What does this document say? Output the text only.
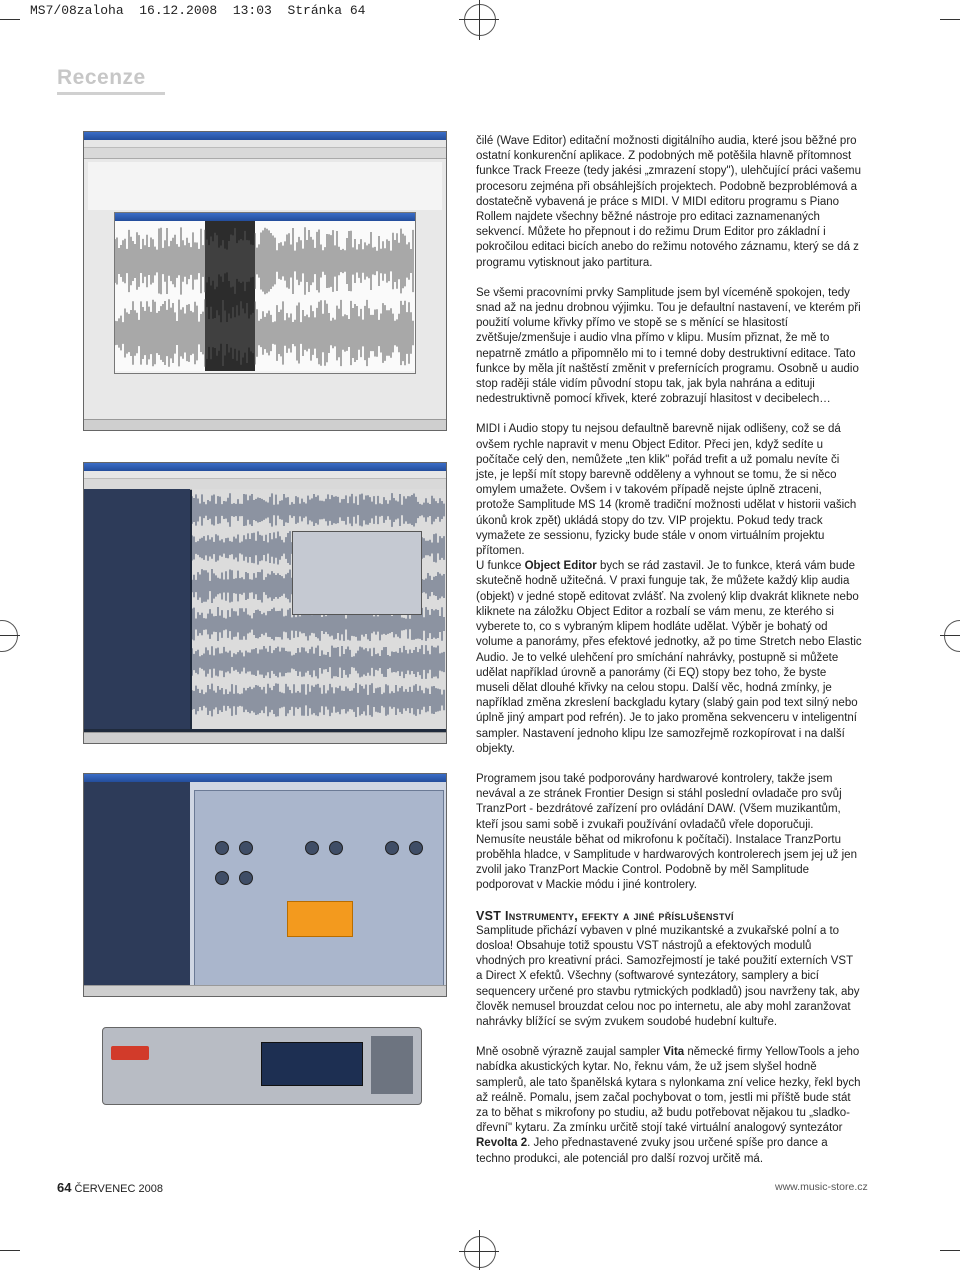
MS7/08zaloha  16.12.2008  13:03  Stránka 64
Recenze

čilé (Wave Editor) editační možnosti digitálního audia, které jsou běžné pro ostatní konkurenční aplikace. Z podobných mě potěšila hlavně přítomnost funkce Track Freeze (tedy jakési „zmrazení stopy"), ulehčující práci vašemu procesoru zejména při obsáhlejších projektech. Podobně bezproblémová a dostatečně vybavená je práce s MIDI. V MIDI editoru programu s Piano Rollem najdete všechny běžné nástroje pro editaci zaznamenaných sekvencí. Můžete ho přepnout i do režimu Drum Editor pro základní i pokročilou editaci bicích anebo do režimu notového záznamu, který se dá z programu vytisknout jako partitura.

Se všemi pracovními prvky Samplitude jsem byl víceméně spokojen, tedy snad až na jednu drobnou výjimku. Tou je defaultní nastavení, ve kterém při použití volume křivky přímo ve stopě se s měnící se hlasitostí zvětšuje/zmenšuje i audio vlna přímo v klipu. Musím přiznat, že mě to nepatrně zmátlo a připomnělo mi to i temné doby destruktivní editace. Tato funkce by měla jít naštěstí změnit v prefernících programu. Osobně u audio stop raději stále vidím původní stopu tak, jak byla nahrána a edituji nedestruktivně pomocí křivek, které zobrazují hlasitost v decibelech…

MIDI i Audio stopy tu nejsou defaultně barevně nijak odlišeny, což se dá ovšem rychle napravit v menu Object Editor. Přeci jen, když sedíte u počítače celý den, nemůžete „ten klik" pořád trefit a už pomalu nevíte či jste, je lepší mít stopy barevně odděleny a vyhnout se tomu, že si něco omylem umažete. Ovšem i v takovém případě nejste úplně ztraceni, protože Samplitude MS 14 (kromě tradiční možnosti udělat v historii vašich úkonů krok zpět) ukládá stopy do tzv. VIP projektu. Pokud tedy track vymažete ze sessionu, fyzicky bude stále v onom virtuálním projektu přítomen.

U funkce Object Editor bych se rád zastavil. Je to funkce, která vám bude skutečně hodně užitečná. V praxi funguje tak, že můžete každý klip audia (objekt) v jedné stopě editovat zvlášť. Na zvolený klip dvakrát kliknete nebo kliknete na záložku Object Editor a rozbalí se vám menu, ze kterého si vyberete to, co s vybraným klipem hodláte udělat. Výběr je bohatý od volume a panorámy, přes efektové jednotky, až po time Stretch nebo Elastic Audio. Je to velké ulehčení pro smíchání nahrávky, postupně si můžete udělat například úrovně a panorámy (či EQ) stopy bez toho, že byste museli dělat dlouhé křivky na celou stopu. Další věc, hodná zmínky, je například změna zkreslení backgladu kytary (slabý gain pod text silný nebo úplně jiný ampart pod refrén). Je to jako proměna sekvenceru v inteligentní sampler. Nastavení jednoho klipu lze samozřejmě rozkopírovat i na další objekty.

Programem jsou také podporovány hardwarové kontrolery, takže jsem nevával a ze stránek Frontier Design si stáhl poslední ovladače pro svůj TranzPort - bezdrátové zařízení pro ovládání DAW. (Všem muzikantům, kteří jsou sami sobě i zvukaři používání ovladačů vřele doporučuji. Nemusíte neustále běhat od mikrofonu k počítači). Instalace TranzPortu proběhla hladce, v Samplitude v hardwarových kontrolerech jsem jej už jen zvolil jako TranzPort Mackie Control. Podobně by měl Samplitude podporovat v Mackie módu i jiné kontrolery.

VST Instrumenty, efekty a jiné příslušenství

Samplitude přichází vybaven v plné muzikantské a zvukařské polní a to dosloa! Obsahuje totiž spoustu VST nástrojů a efektových modulů vhodných pro kreativní práci. Samozřejmostí je také použití externích VST a Direct X efektů. Všechny (softwarové syntezátory, samplery a bicí sequencery určené pro stavbu rytmických podkladů) jsou navrženy tak, aby člověk nemusel brouzdat celou noc po internetu, ale aby mohl zaranžovat nahrávky blížící se svým zvukem soudobé hudební kultuře.

Mně osobně výrazně zaujal sampler Vita německé firmy YellowTools a jeho nabídka akustických kytar. No, řeknu vám, že už jsem slyšel hodně samplerů, ale tato španělská kytara s nylonkama zní velice hezky, řekl bych až reálně. Pomalu, jsem začal pochybovat o tom, jestli mi příště bude stát za to běhat s mikrofony po studiu, až budu potřebovat nějakou tu „sladko-dřevní" kytaru. Za zmínku určitě stojí také virtuální analogový syntezátor Revolta 2. Jeho přednastavené zvuky jsou určené spíše pro dance a techno produkci, ale potenciál pro další rozvoj určitě má.

64 ČERVENEC 2008	www.music-store.cz
